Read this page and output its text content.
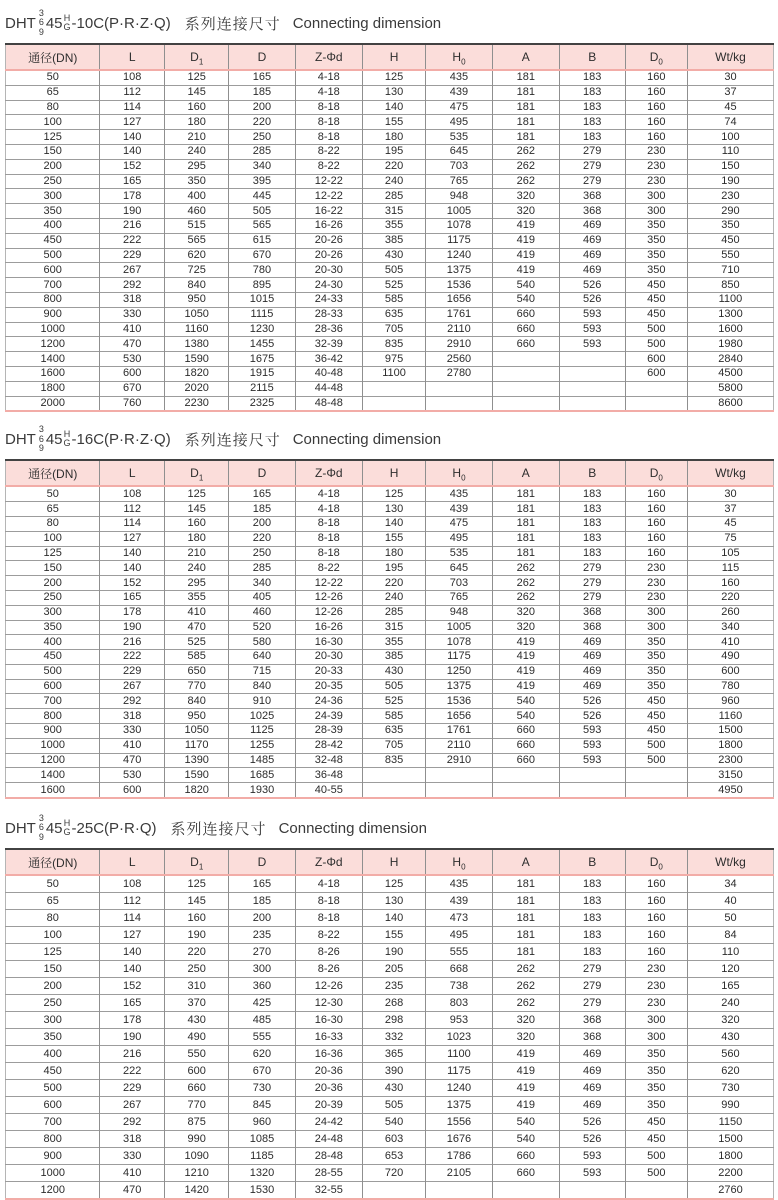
DHT
3
6
9
45 H
G -10C(P·R·Z·Q) 系列连接尺寸 Connecting dimension
通径(DN)	L	$D_1$	D	Z-Φd	H	$H_0$	A	B	$D_0$	Wt/kg
50	108	125	165	4-18	125	435	181	183	160	30
65	112	145	185	4-18	130	439	181	183	160	37
80	114	160	200	8-18	140	475	181	183	160	45
100	127	180	220	8-18	155	495	181	183	160	74
125	140	210	250	8-18	180	535	181	183	160	100
150	140	240	285	8-22	195	645	262	279	230	110
200	152	295	340	8-22	220	703	262	279	230	150
250	165	350	395	12-22	240	765	262	279	230	190
300	178	400	445	12-22	285	948	320	368	300	230
350	190	460	505	16-22	315	1005	320	368	300	290
400	216	515	565	16-26	355	1078	419	469	350	350
450	222	565	615	20-26	385	1175	419	469	350	450
500	229	620	670	20-26	430	1240	419	469	350	550
600	267	725	780	20-30	505	1375	419	469	350	710
700	292	840	895	24-30	525	1536	540	526	450	850
800	318	950	1015	24-33	585	1656	540	526	450	1100
900	330	1050	1115	28-33	635	1761	660	593	450	1300
1000	410	1160	1230	28-36	705	2110	660	593	500	1600
1200	470	1380	1455	32-39	835	2910	660	593	500	1980
1400	530	1590	1675	36-42	975	2560			600	2840
1600	600	1820	1915	40-48	1100	2780			600	4500
1800	670	2020	2115	44-48						5800
2000	760	2230	2325	48-48						8600
DHT
3
6
9
45 H
G -16C(P·R·Z·Q) 系列连接尺寸 Connecting dimension
通径(DN)	L	$D_1$	D	Z-Φd	H	$H_0$	A	B	$D_0$	Wt/kg
50	108	125	165	4-18	125	435	181	183	160	30
65	112	145	185	4-18	130	439	181	183	160	37
80	114	160	200	8-18	140	475	181	183	160	45
100	127	180	220	8-18	155	495	181	183	160	75
125	140	210	250	8-18	180	535	181	183	160	105
150	140	240	285	8-22	195	645	262	279	230	115
200	152	295	340	12-22	220	703	262	279	230	160
250	165	355	405	12-26	240	765	262	279	230	220
300	178	410	460	12-26	285	948	320	368	300	260
350	190	470	520	16-26	315	1005	320	368	300	340
400	216	525	580	16-30	355	1078	419	469	350	410
450	222	585	640	20-30	385	1175	419	469	350	490
500	229	650	715	20-33	430	1250	419	469	350	600
600	267	770	840	20-35	505	1375	419	469	350	780
700	292	840	910	24-36	525	1536	540	526	450	960
800	318	950	1025	24-39	585	1656	540	526	450	1160
900	330	1050	1125	28-39	635	1761	660	593	450	1500
1000	410	1170	1255	28-42	705	2110	660	593	500	1800
1200	470	1390	1485	32-48	835	2910	660	593	500	2300
1400	530	1590	1685	36-48						3150
1600	600	1820	1930	40-55						4950
DHT
3
6
9
45 H
G -25C(P·R·Q) 系列连接尺寸 Connecting dimension
通径(DN)	L	$D_1$	D	Z-Φd	H	$H_0$	A	B	$D_0$	Wt/kg
50	108	125	165	4-18	125	435	181	183	160	34
65	112	145	185	8-18	130	439	181	183	160	40
80	114	160	200	8-18	140	473	181	183	160	50
100	127	190	235	8-22	155	495	181	183	160	84
125	140	220	270	8-26	190	555	181	183	160	110
150	140	250	300	8-26	205	668	262	279	230	120
200	152	310	360	12-26	235	738	262	279	230	165
250	165	370	425	12-30	268	803	262	279	230	240
300	178	430	485	16-30	298	953	320	368	300	320
350	190	490	555	16-33	332	1023	320	368	300	430
400	216	550	620	16-36	365	1100	419	469	350	560
450	222	600	670	20-36	390	1175	419	469	350	620
500	229	660	730	20-36	430	1240	419	469	350	730
600	267	770	845	20-39	505	1375	419	469	350	990
700	292	875	960	24-42	540	1556	540	526	450	1150
800	318	990	1085	24-48	603	1676	540	526	450	1500
900	330	1090	1185	28-48	653	1786	660	593	500	1800
1000	410	1210	1320	28-55	720	2105	660	593	500	2200
1200	470	1420	1530	32-55						2760
